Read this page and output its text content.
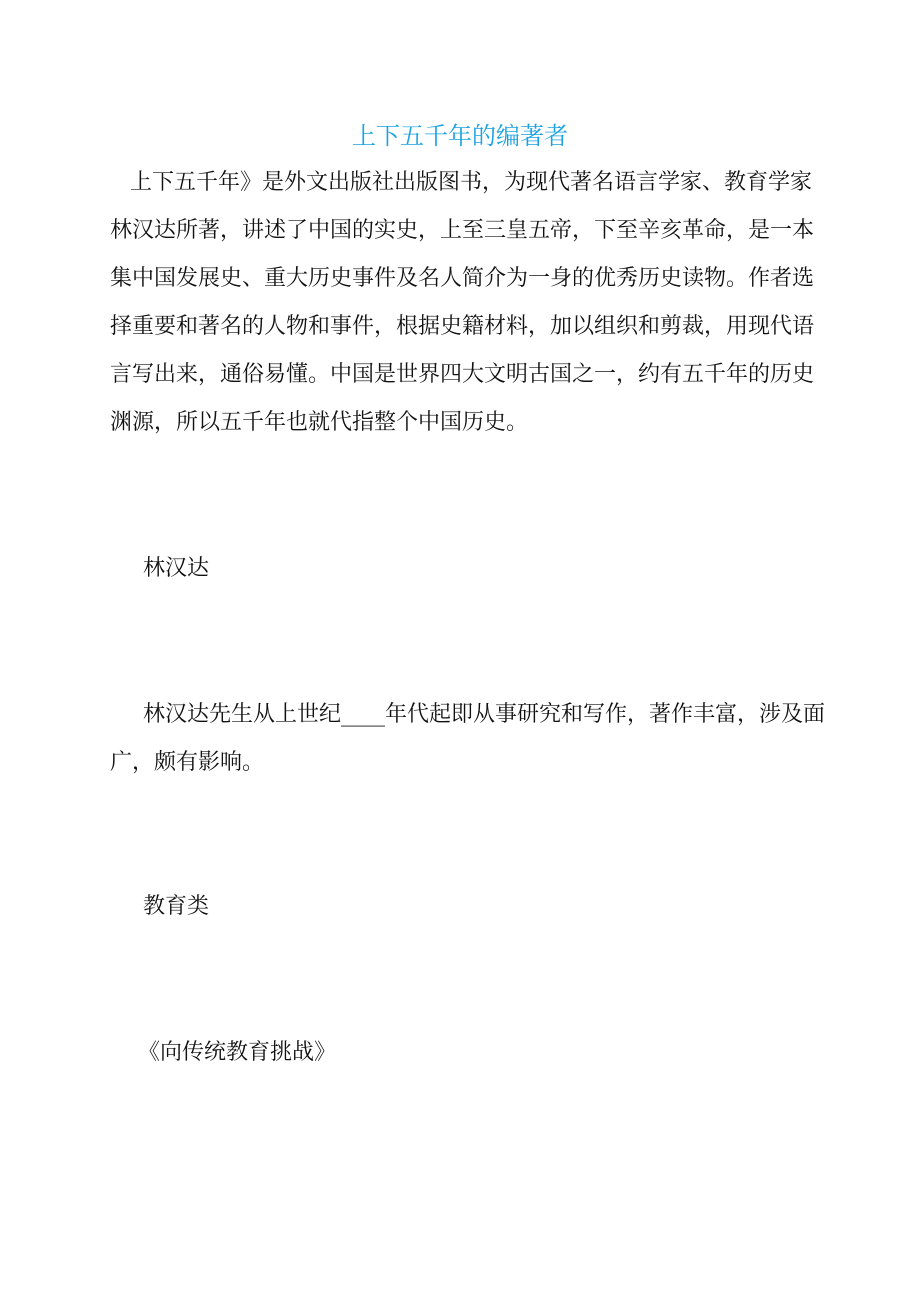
上下五千年的编著者
上下五千年》是外文出版社出版图书，为现代著名语言学家、教育学家
林汉达所著，讲述了中国的实史，上至三皇五帝，下至辛亥革命，是一本
集中国发展史、重大历史事件及名人简介为一身的优秀历史读物。作者选
择重要和著名的人物和事件，根据史籍材料，加以组织和剪裁，用现代语
言写出来，通俗易懂。中国是世界四大文明古国之一，约有五千年的历史
渊源，所以五千年也就代指整个中国历史。
林汉达
林汉达先生从上世纪____年代起即从事研究和写作，著作丰富，涉及面
广，颇有影响。
教育类
《向传统教育挑战》
